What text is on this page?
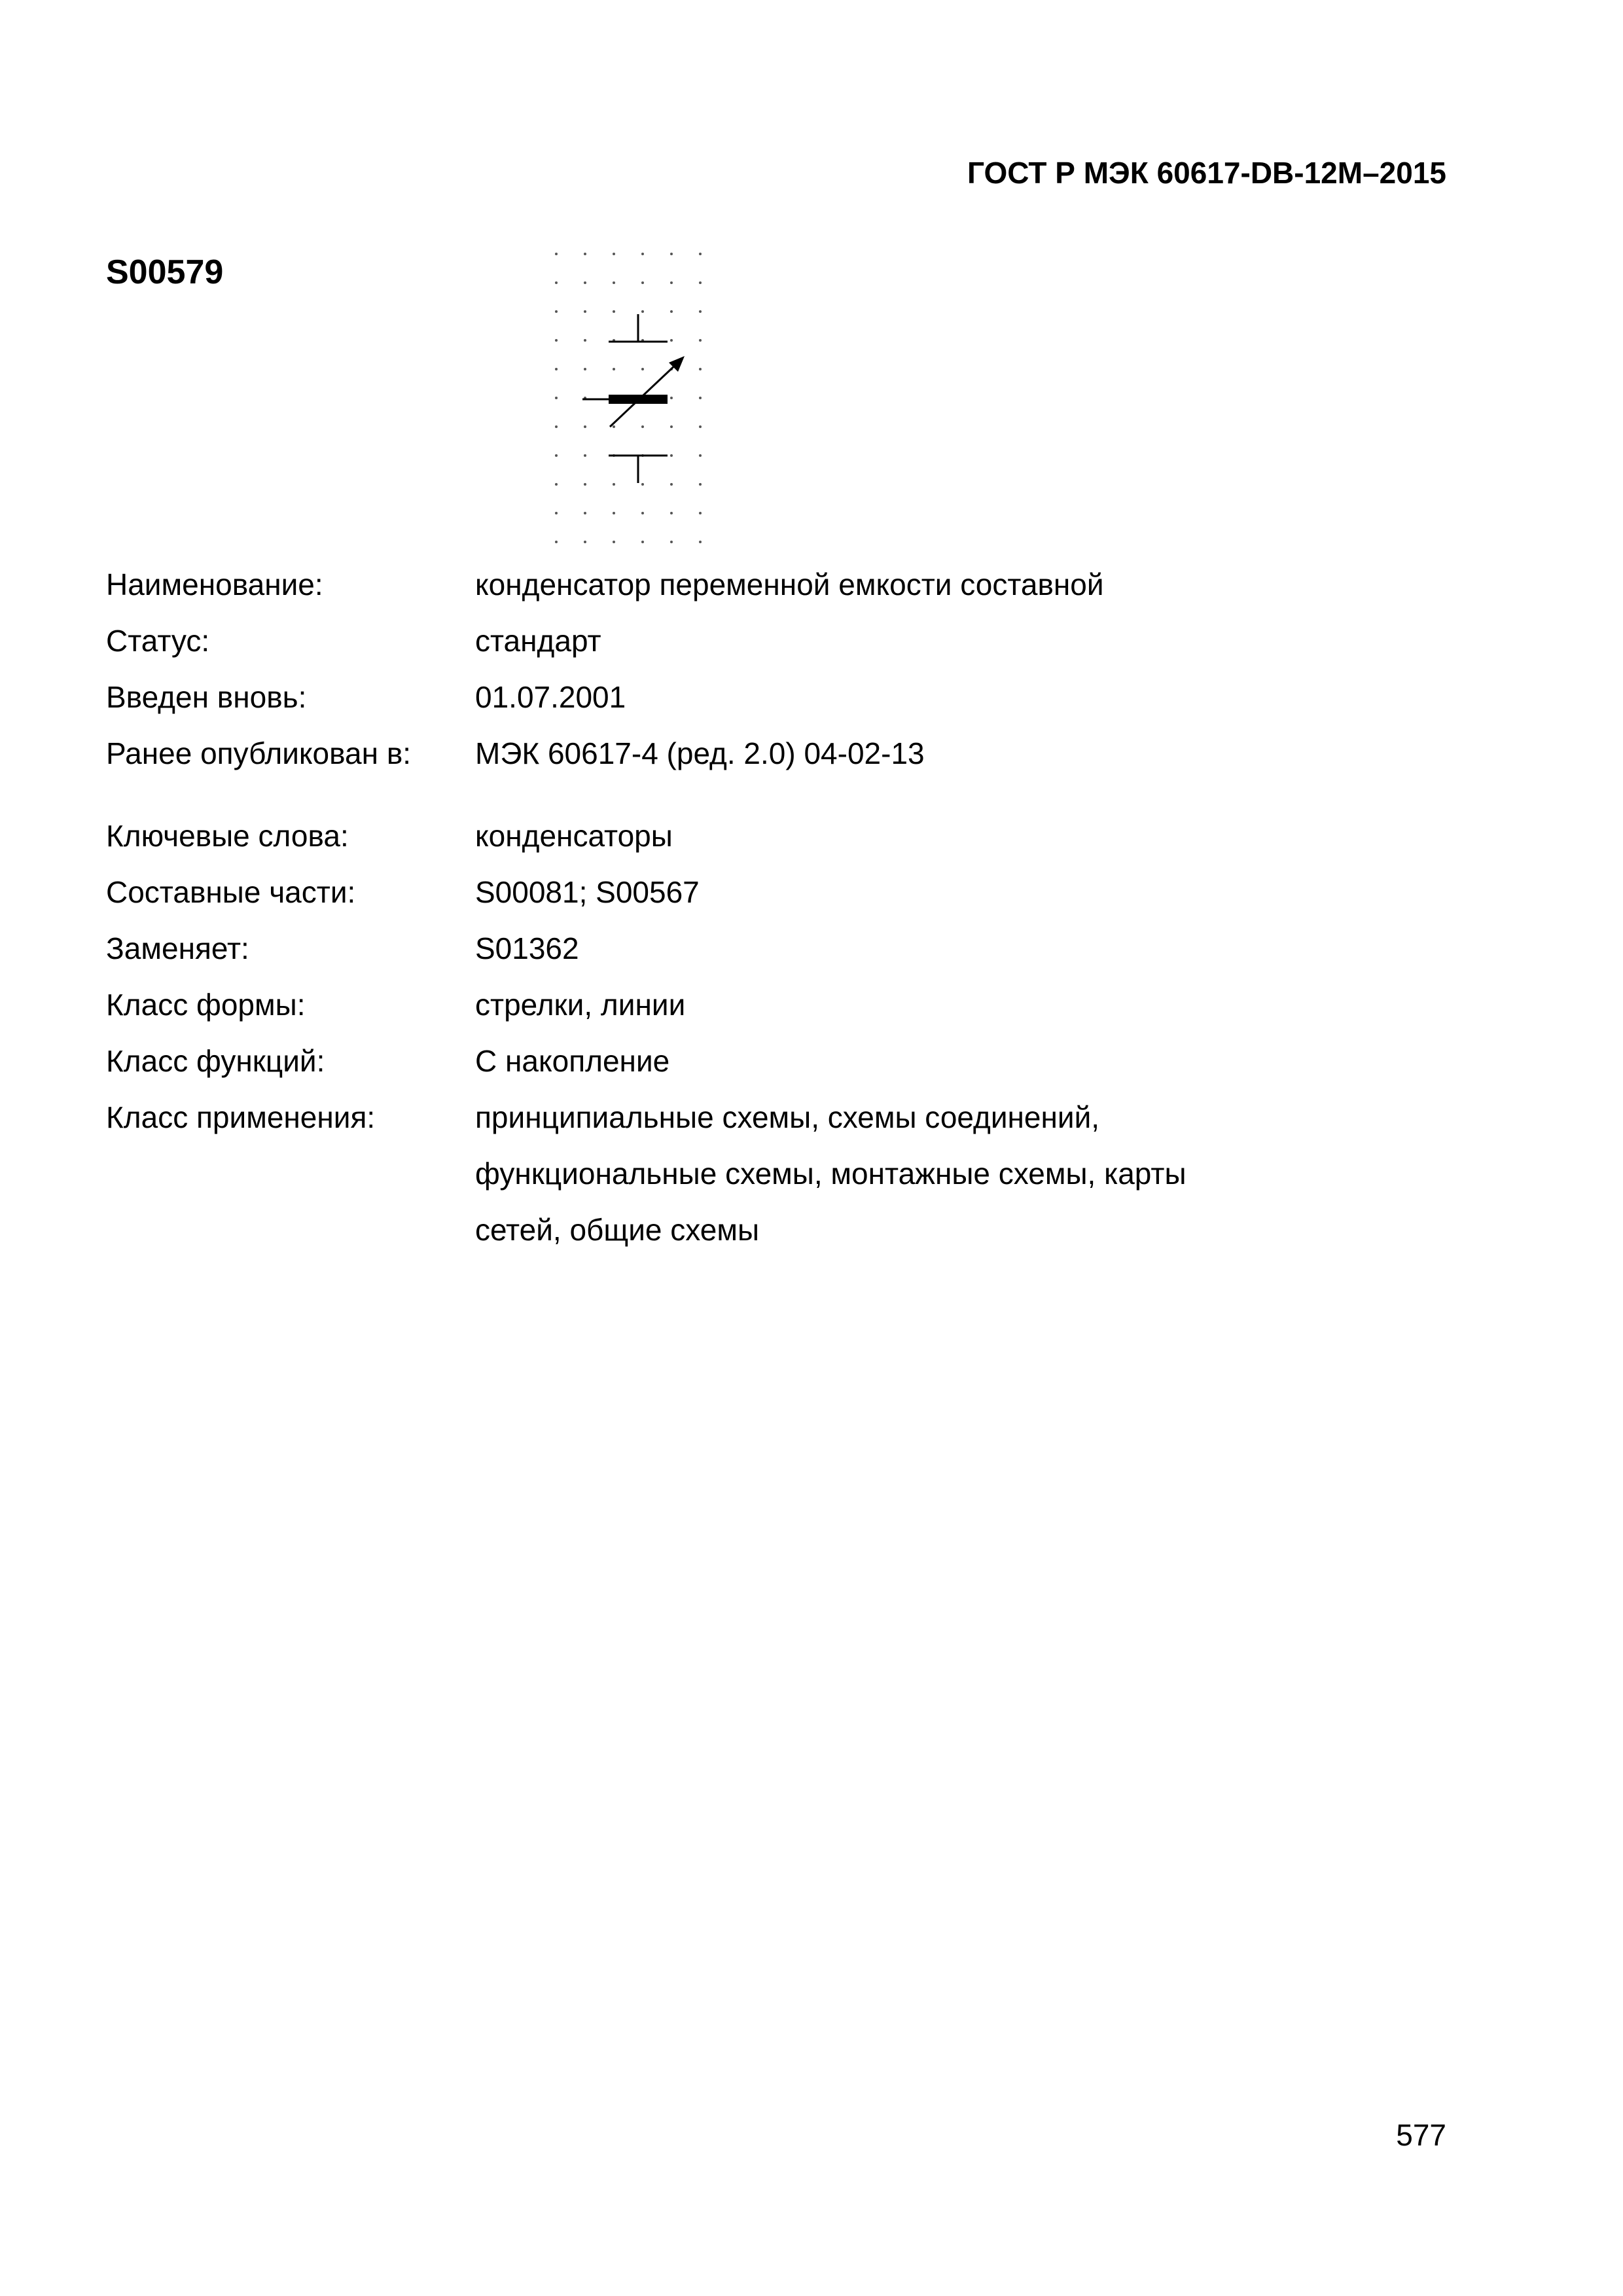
ГОСТ Р МЭК 60617-DB-12M–2015
S00579
Наименование:	конденсатор переменной емкости составной
Статус:	стандарт
Введен вновь:	01.07.2001
Ранее опубликован в:	МЭК 60617-4 (ред. 2.0) 04-02-13
Ключевые слова:	конденсаторы
Составные части:	S00081; S00567
Заменяет:	S01362
Класс формы:	стрелки, линии
Класс функций:	C накопление
Класс применения:	принципиальные схемы, схемы соединений,
функциональные схемы, монтажные схемы, карты
сетей, общие схемы
577
